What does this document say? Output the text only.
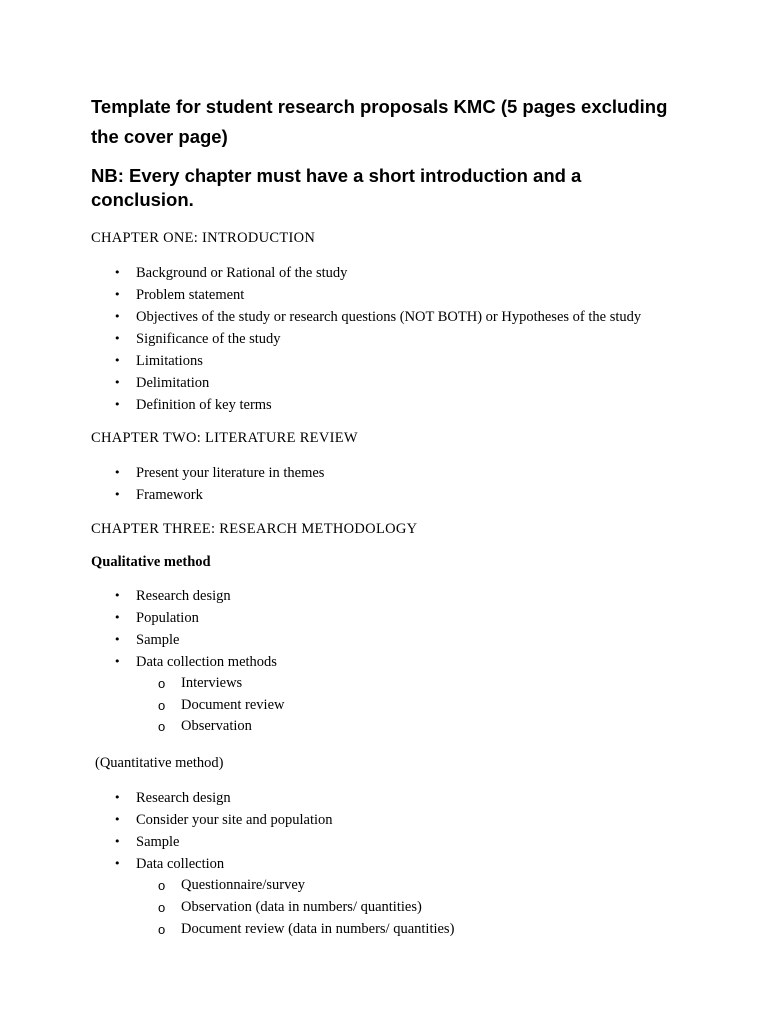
Template for student research proposals KMC (5 pages excluding the cover page)

NB: Every chapter must have a short introduction and a conclusion.

CHAPTER ONE: INTRODUCTION

• Background or Rational of the study
• Problem statement
• Objectives of the study or research questions (NOT BOTH) or Hypotheses of the study
• Significance of the study
• Limitations
• Delimitation
• Definition of key terms

CHAPTER TWO: LITERATURE REVIEW

• Present your literature in themes
• Framework

CHAPTER THREE: RESEARCH METHODOLOGY

Qualitative method

• Research design
• Population
• Sample
• Data collection methods
o Interviews
o Document review
o Observation

(Quantitative method)

• Research design
• Consider your site and population
• Sample
• Data collection
o Questionnaire/survey
o Observation (data in numbers/ quantities)
o Document review (data in numbers/ quantities)
